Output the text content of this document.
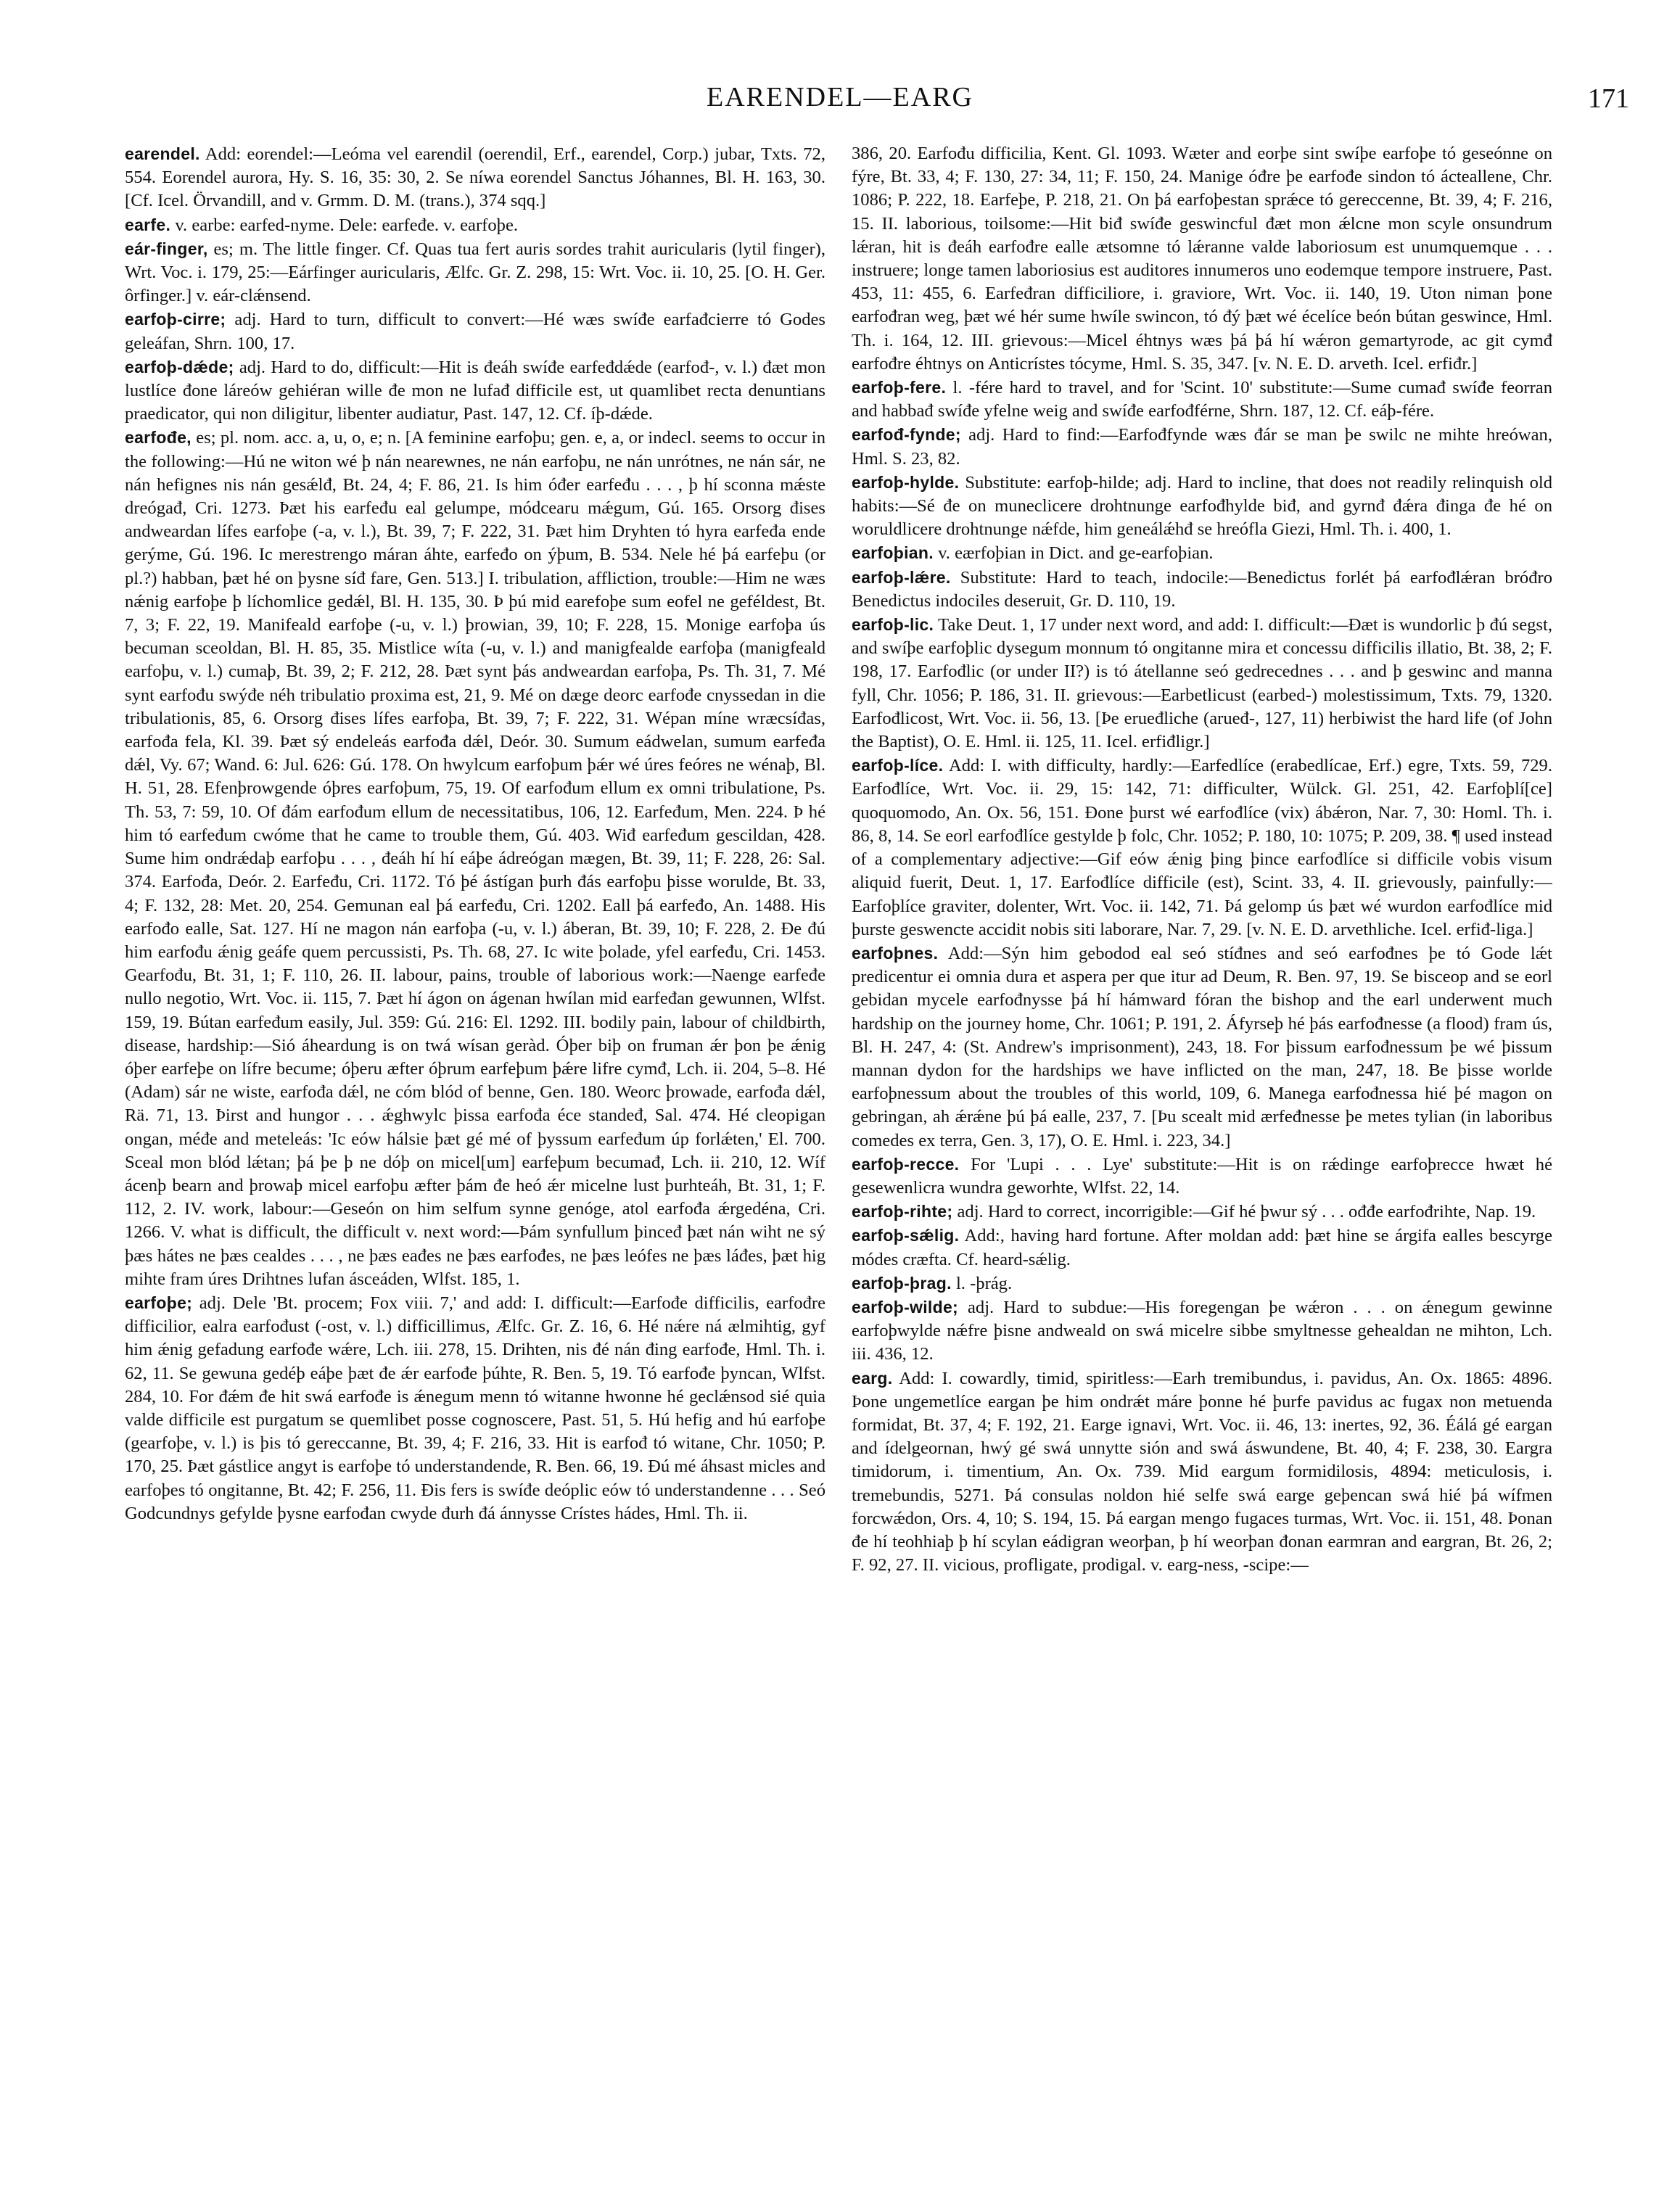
EARENDEL—EARG	171

earendel. Add: eorendel:—Leóma vel earendil (oerendil, Erf., earendel, Corp.) jubar, Txts. 72, 554. Eorendel aurora, Hy. S. 16, 35: 30, 2. Se níwa eorendel Sanctus Jóhannes, Bl. H. 163, 30. [Cf. Icel. Örvandill, and v. Grmm. D. M. (trans.), 374 sqq.]

earfe. v. earbe: earfed-nyme. Dele: earfeđe. v. earfoþe.

eár-finger, es; m. The little finger. Cf. Quas tua fert auris sordes trahit auricularis (lytil finger), Wrt. Voc. i. 179, 25:—Eárfinger auricularis, Ælfc. Gr. Z. 298, 15: Wrt. Voc. ii. 10, 25. [O. H. Ger. ôrfinger.] v. eár-clǽnsend.

earfoþ-cirre; adj. Hard to turn, difficult to convert:—Hé wæs swíđe earfađcierre tó Godes geleáfan, Shrn. 100, 17.

earfoþ-dǽde; adj. Hard to do, difficult:—Hit is đeáh swíđe earfeđdǽde (earfođ-, v. l.) đæt mon lustlíce đone láreów gehiéran wille đe mon ne lufađ difficile est, ut quamlibet recta denuntians praedicator, qui non diligitur, libenter audiatur, Past. 147, 12. Cf. íþ-dǽde.

earfođe, es; pl. nom. acc. a, u, o, e; n. [A feminine earfoþu; gen. e, a, or indecl. seems to occur in the following:—Hú ne witon wé þ nán nearewnes, ne nán earfoþu, ne nán unrótnes, ne nán sár, ne nán hefignes nis nán gesǽlđ, Bt. 24, 4; F. 86, 21. Is him óđer earfeđu . . . , þ hí sconna mǽste dreógađ, Cri. 1273. Þæt his earfeđu eal gelumpe, módcearu mǽgum, Gú. 165. Orsorg đises andweardan lífes earfoþe (-a, v. l.), Bt. 39, 7; F. 222, 31. Þæt him Dryhten tó hyra earfeđa ende gerýme, Gú. 196. Ic merestrengo máran áhte, earfeđo on ýþum, B. 534. Nele hé þá earfeþu (or pl.?) habban, þæt hé on þysne síđ fare, Gen. 513.] I. tribulation, affliction, trouble:—Him ne wæs nǽnig earfoþe þ líchomlice gedǽl, Bl. H. 135, 30. Þ þú mid earefoþe sum eofel ne geféldest, Bt. 7, 3; F. 22, 19. Manifeald earfoþe (-u, v. l.) þrowian, 39, 10; F. 228, 15. Monige earfoþa ús becuman sceoldan, Bl. H. 85, 35. Mistlice wíta (-u, v. l.) and manigfealde earfoþa (manigfeald earfoþu, v. l.) cumaþ, Bt. 39, 2; F. 212, 28. Þæt synt þás andweardan earfoþa, Ps. Th. 31, 7. Mé synt earfođu swýđe néh tribulatio proxima est, 21, 9. Mé on dæge deorc earfođe cnyssedan in die tribulationis, 85, 6. Orsorg đises lífes earfoþa, Bt. 39, 7; F. 222, 31. Wépan míne wræcsíđas, earfođa fela, Kl. 39. Þæt sý endeleás earfođa dǽl, Deór. 30. Sumum eádwelan, sumum earfeđa dǽl, Vy. 67; Wand. 6: Jul. 626: Gú. 178. On hwylcum earfoþum þǽr wé úres feóres ne wénaþ, Bl. H. 51, 28. Efenþrowgende óþres earfoþum, 75, 19. Of earfođum ellum ex omni tribulatione, Ps. Th. 53, 7: 59, 10. Of đám earfođum ellum de necessitatibus, 106, 12. Earfeđum, Men. 224. Þ hé him tó earfeđum cwóme that he came to trouble them, Gú. 403. Wiđ earfeđum gescildan, 428. Sume him ondrǽdaþ earfoþu . . . , đeáh hí hí eáþe ádreógan mægen, Bt. 39, 11; F. 228, 26: Sal. 374. Earfođa, Deór. 2. Earfeđu, Cri. 1172. Tó þé ástígan þurh đás earfoþu þisse worulde, Bt. 33, 4; F. 132, 28: Met. 20, 254. Gemunan eal þá earfeđu, Cri. 1202. Eall þá earfeđo, An. 1488. His earfođo ealle, Sat. 127. Hí ne magon nán earfoþa (-u, v. l.) áberan, Bt. 39, 10; F. 228, 2. Đe đú him earfođu ǽnig geáfe quem percussisti, Ps. Th. 68, 27. Ic wite þolade, yfel earfeđu, Cri. 1453. Gearfođu, Bt. 31, 1; F. 110, 26. II. labour, pains, trouble of laborious work:—Naenge earfeđe nullo negotio, Wrt. Voc. ii. 115, 7. Þæt hí ágon on ágenan hwílan mid earfeđan gewunnen, Wlfst. 159, 19. Bútan earfeđum easily, Jul. 359: Gú. 216: El. 1292. III. bodily pain, labour of childbirth, disease, hardship:—Sió áheardung is on twá wísan geràd. Óþer biþ on fruman ǽr þon þe ǽnig óþer earfeþe on lífre becume; óþeru æfter óþrum earfeþum þǽre lifre cymđ, Lch. ii. 204, 5–8. Hé (Adam) sár ne wiste, earfođa dǽl, ne cóm blód of benne, Gen. 180. Weorc þrowade, earfođa dǽl, Rä. 71, 13. Þirst and hungor . . . ǽghwylc þissa earfođa éce standeđ, Sal. 474. Hé cleopigan ongan, méđe and meteleás: 'Ic eów hálsie þæt gé mé of þyssum earfeđum úp forlǽten,' El. 700. Sceal mon blód lǽtan; þá þe þ ne dóþ on micel[um] earfeþum becumađ, Lch. ii. 210, 12. Wíf ácenþ bearn and þrowaþ micel earfoþu æfter þám đe heó ǽr micelne lust þurhteáh, Bt. 31, 1; F. 112, 2. IV. work, labour:—Geseón on him selfum synne genóge, atol earfođa ǽrgedéna, Cri. 1266. V. what is difficult, the difficult v. next word:—Þám synfullum þinceđ þæt nán wiht ne sý þæs hátes ne þæs cealdes . . . , ne þæs eađes ne þæs earfođes, ne þæs leófes ne þæs láđes, þæt hig mihte fram úres Drihtnes lufan ásceáden, Wlfst. 185, 1.

earfoþe; adj. Dele 'Bt. procem; Fox viii. 7,' and add: I. difficult:—Earfođe difficilis, earfođre difficilior, ealra earfođust (-ost, v. l.) difficillimus, Ælfc. Gr. Z. 16, 6. Hé nǽre ná ælmihtig, gyf him ǽnig gefadung earfođe wǽre, Lch. iii. 278, 15. Drihten, nis đé nán đing earfođe, Hml. Th. i. 62, 11. Se gewuna gedéþ eáþe þæt đe ǽr earfođe þúhte, R. Ben. 5, 19. Tó earfođe þyncan, Wlfst. 284, 10. For đǽm đe hit swá earfođe is ǽnegum menn tó witanne hwonne hé geclǽnsod sié quia valde difficile est purgatum se quemlibet posse cognoscere, Past. 51, 5. Hú hefig and hú earfoþe (gearfoþe, v. l.) is þis tó gereccanne, Bt. 39, 4; F. 216, 33. Hit is earfođ tó witane, Chr. 1050; P. 170, 25. Þæt gástlice angyt is earfoþe tó understandende, R. Ben. 66, 19. Đú mé áhsast micles and earfoþes tó ongitanne, Bt. 42; F. 256, 11. Đis fers is swíđe deóplic eów tó understandenne . . . Seó Godcundnys gefylde þysne earfođan cwyde đurh đá ánnysse Crístes hádes, Hml. Th. ii.

386, 20. Earfođu difficilia, Kent. Gl. 1093. Wæter and eorþe sint swíþe earfoþe tó geseónne on fýre, Bt. 33, 4; F. 130, 27: 34, 11; F. 150, 24. Manige óđre þe earfođe sindon tó ácteallene, Chr. 1086; P. 222, 18. Earfeþe, P. 218, 21. On þá earfoþestan sprǽce tó gereccenne, Bt. 39, 4; F. 216, 15. II. laborious, toilsome:—Hit biđ swíđe geswincful đæt mon ǽlcne mon scyle onsundrum lǽran, hit is đeáh earfođre ealle ætsomne tó lǽranne valde laboriosum est unumquemque . . . instruere; longe tamen laboriosius est auditores innumeros uno eodemque tempore instruere, Past. 453, 11: 455, 6. Earfeđran difficiliore, i. graviore, Wrt. Voc. ii. 140, 19. Uton niman þone earfođran weg, þæt wé hér sume hwíle swincon, tó đý þæt wé écelíce beón bútan geswince, Hml. Th. i. 164, 12. III. grievous:—Micel éhtnys wæs þá þá hí wǽron gemartyrode, ac git cymđ earfođre éhtnys on Anticrístes tócyme, Hml. S. 35, 347. [v. N. E. D. arveth. Icel. erfiđr.]

earfoþ-fere. l. -fére hard to travel, and for 'Scint. 10' substitute:—Sume cumađ swíđe feorran and habbađ swíđe yfelne weig and swíđe earfođférne, Shrn. 187, 12. Cf. eáþ-fére.

earfođ-fynde; adj. Hard to find:—Earfođfynde wæs đár se man þe swilc ne mihte hreówan, Hml. S. 23, 82.

earfoþ-hylde. Substitute: earfoþ-hilde; adj. Hard to incline, that does not readily relinquish old habits:—Sé đe on muneclicere drohtnunge earfođhylde biđ, and gyrnđ đǽra đinga đe hé on woruldlicere drohtnunge nǽfde, him geneálǽhđ se hreófla Giezi, Hml. Th. i. 400, 1.

earfoþian. v. eærfoþian in Dict. and ge-earfoþian.

earfoþ-lǽre. Substitute: Hard to teach, indocile:—Benedictus forlét þá earfođlǽran bróđro Benedictus indociles deseruit, Gr. D. 110, 19.

earfoþ-lic. Take Deut. 1, 17 under next word, and add: I. difficult:—Đæt is wundorlic þ đú segst, and swíþe earfoþlic dysegum monnum tó ongitanne mira et concessu difficilis illatio, Bt. 38, 2; F. 198, 17. Earfođlic (or under II?) is tó átellanne seó gedrecednes . . . and þ geswinc and manna fyll, Chr. 1056; P. 186, 31. II. grievous:—Earbetlicust (earbed-) molestissimum, Txts. 79, 1320. Earfođlicost, Wrt. Voc. ii. 56, 13. [Þe erueđliche (arueđ-, 127, 11) herbiwist the hard life (of John the Baptist), O. E. Hml. ii. 125, 11. Icel. erfiđligr.]

earfoþ-líce. Add: I. with difficulty, hardly:—Earfedlíce (erabedlícae, Erf.) egre, Txts. 59, 729. Earfođlíce, Wrt. Voc. ii. 29, 15: 142, 71: difficulter, Wülck. Gl. 251, 42. Earfoþlí[ce] quoquomodo, An. Ox. 56, 151. Đone þurst wé earfođlíce (vix) ábǽron, Nar. 7, 30: Homl. Th. i. 86, 8, 14. Se eorl earfođlíce gestylde þ folc, Chr. 1052; P. 180, 10: 1075; P. 209, 38. ¶ used instead of a complementary adjective:—Gif eów ǽnig þing þince earfođlíce si difficile vobis visum aliquid fuerit, Deut. 1, 17. Earfođlíce difficile (est), Scint. 33, 4. II. grievously, painfully:—Earfoþlíce graviter, dolenter, Wrt. Voc. ii. 142, 71. Þá gelomp ús þæt wé wurdon earfođlíce mid þurste geswencte accidit nobis siti laborare, Nar. 7, 29. [v. N. E. D. arvethliche. Icel. erfiđ-liga.]

earfoþnes. Add:—Sýn him gebodod eal seó stíđnes and seó earfođnes þe tó Gode lǽt predicentur ei omnia dura et aspera per que itur ad Deum, R. Ben. 97, 19. Se bisceop and se eorl gebidan mycele earfođnysse þá hí hámward fóran the bishop and the earl underwent much hardship on the journey home, Chr. 1061; P. 191, 2. Áfyrseþ hé þás earfođnesse (a flood) fram ús, Bl. H. 247, 4: (St. Andrew's imprisonment), 243, 18. For þissum earfođnessum þe wé þissum mannan dydon for the hardships we have inflicted on the man, 247, 18. Be þisse worlde earfoþnessum about the troubles of this world, 109, 6. Manega earfođnessa hié þé magon on gebringan, ah ǽrǽne þú þá ealle, 237, 7. [Þu scealt mid ærfeđnesse þe metes tylian (in laboribus comedes ex terra, Gen. 3, 17), O. E. Hml. i. 223, 34.]

earfoþ-recce. For 'Lupi . . . Lye' substitute:—Hit is on rǽdinge earfoþrecce hwæt hé gesewenlicra wundra geworhte, Wlfst. 22, 14.

earfoþ-rihte; adj. Hard to correct, incorrigible:—Gif hé þwur sý . . . ođđe earfođrihte, Nap. 19.

earfoþ-sǽlig. Add:, having hard fortune. After moldan add: þæt hine se árgifa ealles bescyrge módes cræfta. Cf. heard-sǽlig.

earfoþ-þrag. l. -þrág.

earfoþ-wilde; adj. Hard to subdue:—His foregengan þe wǽron . . . on ǽnegum gewinne earfoþwylde nǽfre þisne andweald on swá micelre sibbe smyltnesse gehealdan ne mihton, Lch. iii. 436, 12.

earg. Add: I. cowardly, timid, spiritless:—Earh tremibundus, i. pavidus, An. Ox. 1865: 4896. Þone ungemetlíce eargan þe him ondrǽt máre þonne hé þurfe pavidus ac fugax non metuenda formidat, Bt. 37, 4; F. 192, 21. Earge ignavi, Wrt. Voc. ii. 46, 13: inertes, 92, 36. Éálá gé eargan and ídelgeornan, hwý gé swá unnytte sión and swá áswundene, Bt. 40, 4; F. 238, 30. Eargra timidorum, i. timentium, An. Ox. 739. Mid eargum formidilosis, 4894: meticulosis, i. tremebundis, 5271. Þá consulas noldon hié selfe swá earge geþencan swá hié þá wífmen forcwǽdon, Ors. 4, 10; S. 194, 15. Þá eargan mengo fugaces turmas, Wrt. Voc. ii. 151, 48. Þonan đe hí teohhiaþ þ hí scylan eádigran weorþan, þ hí weorþan đonan earmran and eargran, Bt. 26, 2; F. 92, 27. II. vicious, profligate, prodigal. v. earg-ness, -scipe:—
